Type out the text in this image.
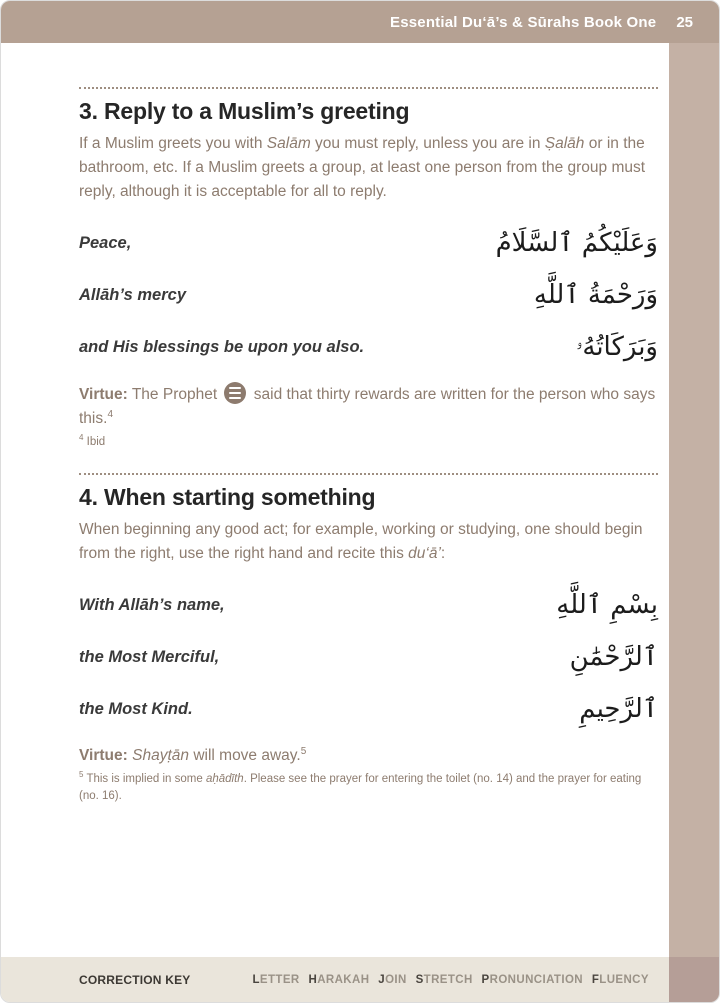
Essential Du‘ā’s & Sūrahs Book One 25
3. Reply to a Muslim’s greeting

If a Muslim greets you with Salām you must reply, unless you are in Ṣalāh or in the bathroom, etc. If a Muslim greets a group, at least one person from the group must reply, although it is acceptable for all to reply.

Peace,	وَعَلَيْكُمُ ٱلسَّلَامُ
Allāh’s mercy	وَرَحْمَةُ ٱللَّهِ
and His blessings be upon you also.	وَبَرَكَاتُهُۥ

Virtue: The Prophet  said that thirty rewards are written for the person who says this.$^4$

$^4$ Ibid

4. When starting something

When beginning any good act; for example, working or studying, one should begin from the right, use the right hand and recite this du‘ā’:

With Allāh’s name,	بِسْمِ ٱللَّهِ
the Most Merciful,	ٱلرَّحْمَٰنِ
the Most Kind.	ٱلرَّحِيمِ

Virtue: Shayṭān will move away.$^5$

$^5$ This is implied in some aḥādīth. Please see the prayer for entering the toilet (no. 14) and the prayer for eating (no. 16).

CORRECTION KEY	LETTER HARAKAH JOIN STRETCH PRONUNCIATION FLUENCY
